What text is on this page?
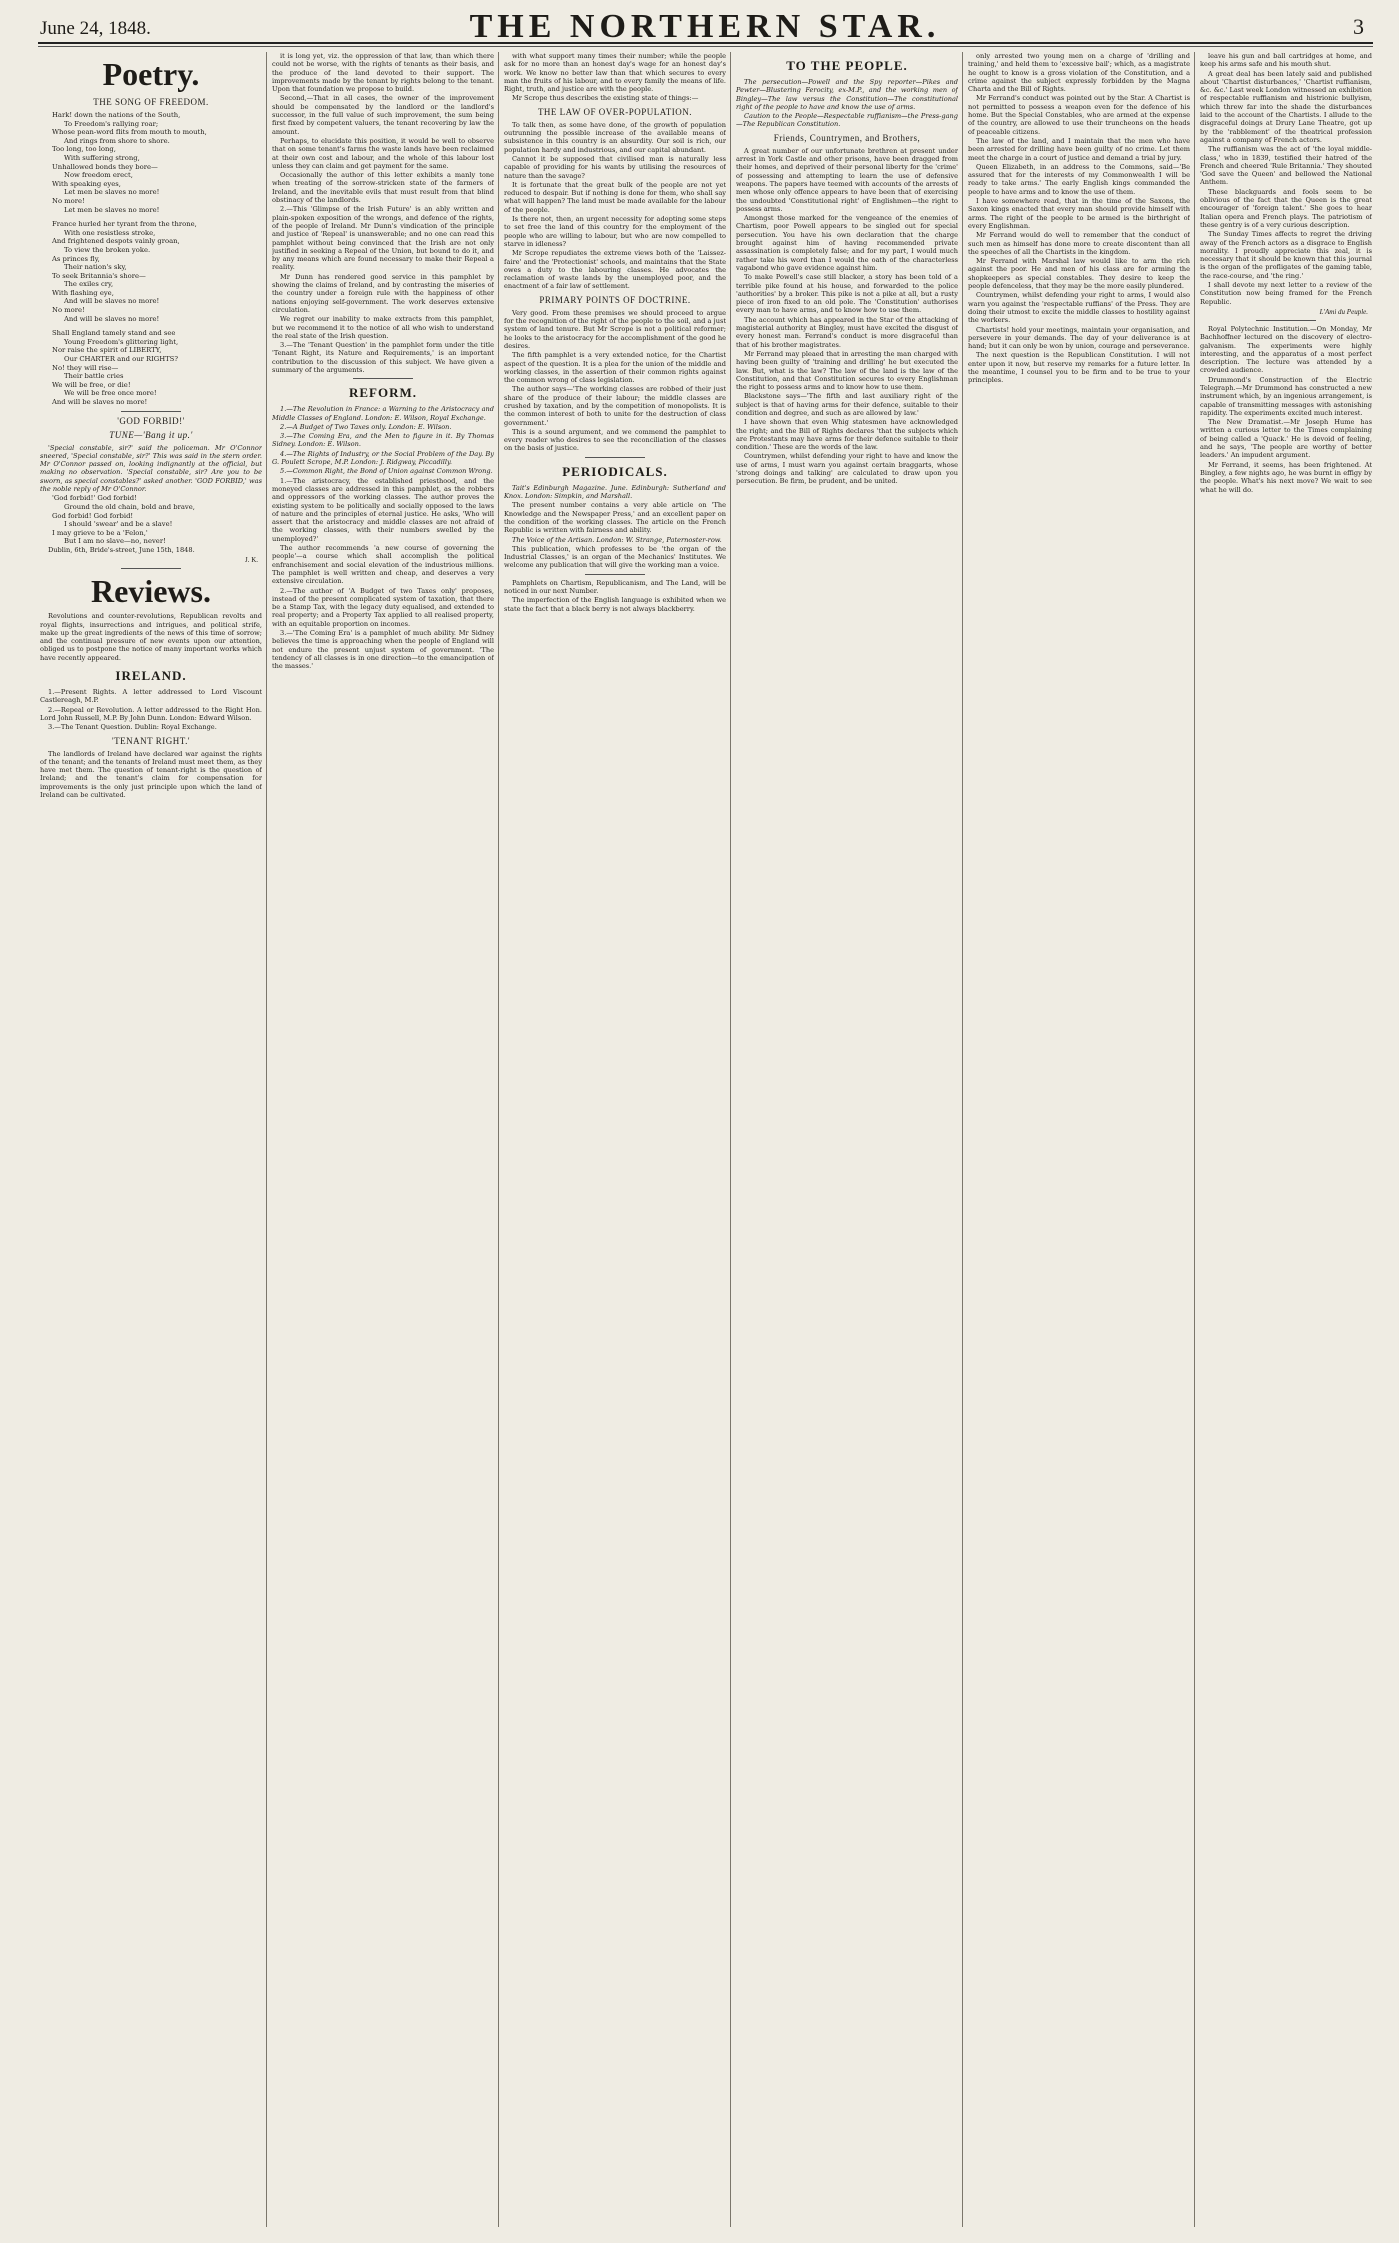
June 24, 1848.	THE NORTHERN STAR.	3
Poetry.
THE SONG OF FREEDOM.
Hark! down the nations of the South,
To Freedom's rallying roar;
Whose pean-word flits from mouth to mouth,
And rings from shore to shore.
Too long, too long,
With suffering strong,
Unhallowed bonds they bore—
Now freedom erect,
With speaking eyes,
Let men be slaves no more!
No more!
Let men be slaves no more!
France hurled her tyrant from the throne,
With one resistless stroke,
And frightened despots vainly groan,
To view the broken yoke.
As princes fly,
Their nation's sky,
To seek Britannia's shore—
The exiles cry,
With flashing eye,
And will be slaves no more!
No more!
And will be slaves no more!
Shall England tamely stand and see
Young Freedom's glittering light,
Nor raise the spirit of LIBERTY,
Our CHARTER and our RIGHTS?
No! they will rise—
Their battle cries
We will be free, or die!
We will be free once more!
And will be slaves no more!
'GOD FORBID!'
TUNE—'Bang it up.'

'Special constable, sir?' said the policeman. Mr O'Connor sneered, 'Special constable, sir?' This was said in the stern order. Mr O'Connor passed on, looking indignantly at the official, but making no observation. 'Special constable, sir? Are you to be sworn, as special constables?' asked another. 'GOD FORBID,' was the noble reply of Mr O'Connor.

'God forbid!' God forbid!
Ground the old chain, bold and brave,
God forbid! God forbid!
I should 'swear' and be a slave!
I may grieve to be a 'Felon,'
But I am no slave—no, never!

Dublin, 6th, Bride's-street, June 15th, 1848.

J. K.
Reviews.

Revolutions and counter-revolutions, Republican revolts and royal flights, insurrections and intrigues, and political strife, make up the great ingredients of the news of this time of sorrow; and the continual pressure of new events upon our attention, obliged us to postpone the notice of many important works which have recently appeared.

IRELAND.

1.—Present Rights. A letter addressed to Lord Viscount Castlereagh, M.P.

2.—Repeal or Revolution. A letter addressed to the Right Hon. Lord John Russell, M.P. By John Dunn. London: Edward Wilson.

3.—The Tenant Question. Dublin: Royal Exchange.

'TENANT RIGHT.'

The landlords of Ireland have declared war against the rights of the tenant; and the tenants of Ireland must meet them, as they have met them. The question of tenant-right is the question of Ireland; and the tenant's claim for compensation for improvements is the only just principle upon which the land of Ireland can be cultivated.

it is long yet, viz. the oppression of that law, than which there could not be worse, with the rights of tenants as their basis, and the produce of the land devoted to their support. The improvements made by the tenant by rights belong to the tenant. Upon that foundation we propose to build.

Second,—That in all cases, the owner of the improvement should be compensated by the landlord or the landlord's successor, in the full value of such improvement, the sum being first fixed by competent valuers, the tenant recovering by law the amount.

Perhaps, to elucidate this position, it would be well to observe that on some tenant's farms the waste lands have been reclaimed at their own cost and labour, and the whole of this labour lost unless they can claim and get payment for the same.

Occasionally the author of this letter exhibits a manly tone when treating of the sorrow-stricken state of the farmers of Ireland, and the inevitable evils that must result from that blind obstinacy of the landlords.

2.—This 'Glimpse of the Irish Future' is an ably written and plain-spoken exposition of the wrongs, and defence of the rights, of the people of Ireland. Mr Dunn's vindication of the principle and justice of 'Repeal' is unanswerable; and no one can read this pamphlet without being convinced that the Irish are not only justified in seeking a Repeal of the Union, but bound to do it, and by any means which are found necessary to make their Repeal a reality.

Mr Dunn has rendered good service in this pamphlet by showing the claims of Ireland, and by contrasting the miseries of the country under a foreign rule with the happiness of other nations enjoying self-government. The work deserves extensive circulation.

We regret our inability to make extracts from this pamphlet, but we recommend it to the notice of all who wish to understand the real state of the Irish question.

3.—The 'Tenant Question' in the pamphlet form under the title 'Tenant Right, its Nature and Requirements,' is an important contribution to the discussion of this subject. We have given a summary of the arguments.

REFORM.

1.—The Revolution in France: a Warning to the Aristocracy and Middle Classes of England. London: E. Wilson, Royal Exchange.

2.—A Budget of Two Taxes only. London: E. Wilson.

3.—The Coming Era, and the Men to figure in it. By Thomas Sidney. London: E. Wilson.

4.—The Rights of Industry, or the Social Problem of the Day. By G. Poulett Scrope, M.P. London: J. Ridgway, Piccadilly.

5.—Common Right, the Bond of Union against Common Wrong.

1.—The aristocracy, the established priesthood, and the moneyed classes are addressed in this pamphlet, as the robbers and oppressors of the working classes. The author proves the existing system to be politically and socially opposed to the laws of nature and the principles of eternal justice. He asks, 'Who will assert that the aristocracy and middle classes are not afraid of the working classes, with their numbers swelled by the unemployed?'

The author recommends 'a new course of governing the people'—a course which shall accomplish the political enfranchisement and social elevation of the industrious millions. The pamphlet is well written and cheap, and deserves a very extensive circulation.

2.—The author of 'A Budget of two Taxes only' proposes, instead of the present complicated system of taxation, that there be a Stamp Tax, with the legacy duty equalised, and extended to real property; and a Property Tax applied to all realised property, with an equitable proportion on incomes.

3.—'The Coming Era' is a pamphlet of much ability. Mr Sidney believes the time is approaching when the people of England will not endure the present unjust system of government. 'The tendency of all classes is in one direction—to the emancipation of the masses.'

with what support many times their number; while the people ask for no more than an honest day's wage for an honest day's work. We know no better law than that which secures to every man the fruits of his labour, and to every family the means of life. Right, truth, and justice are with the people.

Mr Scrope thus describes the existing state of things:—

THE LAW OF OVER-POPULATION.

To talk then, as some have done, of the growth of population outrunning the possible increase of the available means of subsistence in this country is an absurdity. Our soil is rich, our population hardy and industrious, and our capital abundant.

Cannot it be supposed that civilised man is naturally less capable of providing for his wants by utilising the resources of nature than the savage?

It is fortunate that the great bulk of the people are not yet reduced to despair. But if nothing is done for them, who shall say what will happen? The land must be made available for the labour of the people.

Is there not, then, an urgent necessity for adopting some steps to set free the land of this country for the employment of the people who are willing to labour, but who are now compelled to starve in idleness?

Mr Scrope repudiates the extreme views both of the 'Laissez-faire' and the 'Protectionist' schools, and maintains that the State owes a duty to the labouring classes. He advocates the reclamation of waste lands by the unemployed poor, and the enactment of a fair law of settlement.

PRIMARY POINTS OF DOCTRINE.

Very good. From these premises we should proceed to argue for the recognition of the right of the people to the soil, and a just system of land tenure. But Mr Scrope is not a political reformer; he looks to the aristocracy for the accomplishment of the good he desires.

The fifth pamphlet is a very extended notice, for the Chartist aspect of the question. It is a plea for the union of the middle and working classes, in the assertion of their common rights against the common wrong of class legislation.

The author says—'The working classes are robbed of their just share of the produce of their labour; the middle classes are crushed by taxation, and by the competition of monopolists. It is the common interest of both to unite for the destruction of class government.'

This is a sound argument, and we commend the pamphlet to every reader who desires to see the reconciliation of the classes on the basis of justice.

PERIODICALS.

Tait's Edinburgh Magazine. June. Edinburgh: Sutherland and Knox. London: Simpkin, and Marshall.

The present number contains a very able article on 'The Knowledge and the Newspaper Press,' and an excellent paper on the condition of the working classes. The article on the French Republic is written with fairness and ability.

The Voice of the Artisan. London: W. Strange, Paternoster-row.

This publication, which professes to be 'the organ of the Industrial Classes,' is an organ of the Mechanics' Institutes. We welcome any publication that will give the working man a voice.

Pamphlets on Chartism, Republicanism, and The Land, will be noticed in our next Number.

The imperfection of the English language is exhibited when we state the fact that a black berry is not always blackberry.

TO THE PEOPLE.

The persecution—Powell and the Spy reporter—Pikes and Pewter—Blustering Ferocity, ex-M.P., and the working men of Bingley—The law versus the Constitution—The constitutional right of the people to have and know the use of arms.

Caution to the People—Respectable ruffianism—the Press-gang—The Republican Constitution.

Friends, Countrymen, and Brothers,

A great number of our unfortunate brethren at present under arrest in York Castle and other prisons, have been dragged from their homes, and deprived of their personal liberty for the 'crime' of possessing and attempting to learn the use of defensive weapons. The papers have teemed with accounts of the arrests of men whose only offence appears to have been that of exercising the undoubted 'Constitutional right' of Englishmen—the right to possess arms.

Amongst those marked for the vengeance of the enemies of Chartism, poor Powell appears to be singled out for special persecution. You have his own declaration that the charge brought against him of having recommended private assassination is completely false; and for my part, I would much rather take his word than I would the oath of the characterless vagabond who gave evidence against him.

To make Powell's case still blacker, a story has been told of a terrible pike found at his house, and forwarded to the police 'authorities' by a broker. This pike is not a pike at all, but a rusty piece of iron fixed to an old pole. The 'Constitution' authorises every man to have arms, and to know how to use them.

The account which has appeared in the Star of the attacking of magisterial authority at Bingley, must have excited the disgust of every honest man. Ferrand's conduct is more disgraceful than that of his brother magistrates.

Mr Ferrand may pleaed that in arresting the man charged with having been guilty of 'training and drilling' he but executed the law. But, what is the law? The law of the land is the law of the Constitution, and that Constitution secures to every Englishman the right to possess arms and to know how to use them.

Blackstone says—'The fifth and last auxiliary right of the subject is that of having arms for their defence, suitable to their condition and degree, and such as are allowed by law.'

I have shown that even Whig statesmen have acknowledged the right; and the Bill of Rights declares 'that the subjects which are Protestants may have arms for their defence suitable to their condition.' These are the words of the law.

Countrymen, whilst defending your right to have and know the use of arms, I must warn you against certain braggarts, whose 'strong doings and talking' are calculated to draw upon you persecution. Be firm, be prudent, and be united.

only arrested two young men on a charge of 'drilling and training,' and held them to 'excessive bail'; which, as a magistrate he ought to know is a gross violation of the Constitution, and a crime against the subject expressly forbidden by the Magna Charta and the Bill of Rights.

Mr Ferrand's conduct was pointed out by the Star. A Chartist is not permitted to possess a weapon even for the defence of his home. But the Special Constables, who are armed at the expense of the country, are allowed to use their truncheons on the heads of peaceable citizens.

The law of the land, and I maintain that the men who have been arrested for drilling have been guilty of no crime. Let them meet the charge in a court of justice and demand a trial by jury.

Queen Elizabeth, in an address to the Commons, said—'Be assured that for the interests of my Commonwealth I will be ready to take arms.' The early English kings commanded the people to have arms and to know the use of them.

I have somewhere read, that in the time of the Saxons, the Saxon kings enacted that every man should provide himself with arms. The right of the people to be armed is the birthright of every Englishman.

Mr Ferrand would do well to remember that the conduct of such men as himself has done more to create discontent than all the speeches of all the Chartists in the kingdom.

Mr Ferrand with Marshal law would like to arm the rich against the poor. He and men of his class are for arming the shopkeepers as special constables. They desire to keep the people defenceless, that they may be the more easily plundered.

Countrymen, whilst defending your right to arms, I would also warn you against the 'respectable ruffians' of the Press. They are doing their utmost to excite the middle classes to hostility against the workers.

Chartists! hold your meetings, maintain your organisation, and persevere in your demands. The day of your deliverance is at hand; but it can only be won by union, courage and perseverance.

The next question is the Republican Constitution. I will not enter upon it now, but reserve my remarks for a future letter. In the meantime, I counsel you to be firm and to be true to your principles.

leave his gun and ball cartridges at home, and keep his arms safe and his mouth shut.

A great deal has been lately said and published about 'Chartist disturbances,' 'Chartist ruffianism, &c. &c.' Last week London witnessed an exhibition of respectable ruffianism and histrionic bullyism, which threw far into the shade the disturbances laid to the account of the Chartists. I allude to the disgraceful doings at Drury Lane Theatre, got up by the 'rabblement' of the theatrical profession against a company of French actors.

The ruffianism was the act of 'the loyal middle-class,' who in 1839, testified their hatred of the French and cheered 'Rule Britannia.' They shouted 'God save the Queen' and bellowed the National Anthem.

These blackguards and fools seem to be oblivious of the fact that the Queen is the great encourager of 'foreign talent.' She goes to hear Italian opera and French plays. The patriotism of these gentry is of a very curious description.

The Sunday Times affects to regret the driving away of the French actors as a disgrace to English morality. I proudly appreciate this zeal, it is necessary that it should be known that this journal is the organ of the profligates of the gaming table, the race-course, and 'the ring.'

I shall devote my next letter to a review of the Constitution now being framed for the French Republic.

L'Ami du Peuple.

Royal Polytechnic Institution.—On Monday, Mr Bachhoffner lectured on the discovery of electro-galvanism. The experiments were highly interesting, and the apparatus of a most perfect description. The lecture was attended by a crowded audience.

Drummond's Construction of the Electric Telegraph.—Mr Drummond has constructed a new instrument which, by an ingenious arrangement, is capable of transmitting messages with astonishing rapidity. The experiments excited much interest.

The New Dramatist.—Mr Joseph Hume has written a curious letter to the Times complaining of being called a 'Quack.' He is devoid of feeling, and he says, 'The people are worthy of better leaders.' An impudent argument.

Mr Ferrand, it seems, has been frightened. At Bingley, a few nights ago, he was burnt in effigy by the people. What's his next move? We wait to see what he will do.
